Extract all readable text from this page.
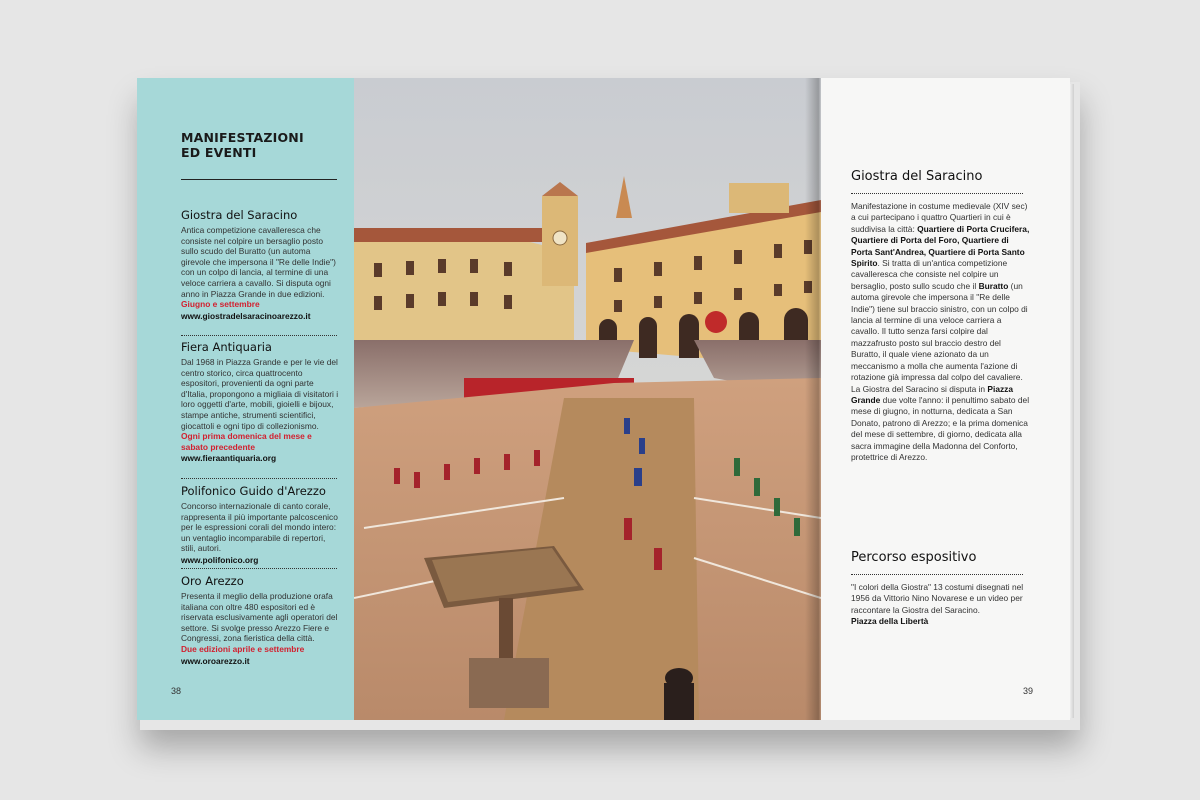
MANIFESTAZIONI
ED EVENTI
Giostra del Saracino

Antica competizione cavalleresca che consiste nel colpire un bersaglio posto sullo scudo del Buratto (un automa girevole che impersona il "Re delle Indie") con un colpo di lancia, al termine di una veloce carriera a cavallo. Si disputa ogni anno in Piazza Grande in due edizioni.

Giugno e settembre
www.giostradelsaracinoarezzo.it
Fiera Antiquaria

Dal 1968 in Piazza Grande e per le vie del centro storico, circa quattrocento espositori, provenienti da ogni parte d'Italia, propongono a migliaia di visitatori i loro oggetti d'arte, mobili, gioielli e bijoux, stampe antiche, strumenti scientifici, giocattoli e ogni tipo di collezionismo.

Ogni prima domenica del mese e sabato precedente
www.fieraantiquaria.org
Polifonico Guido d'Arezzo

Concorso internazionale di canto corale, rappresenta il più importante palcoscenico per le espressioni corali del mondo intero: un ventaglio incomparabile di repertori, stili, autori.

www.polifonico.org
Oro Arezzo

Presenta il meglio della produzione orafa italiana con oltre 480 espositori ed è riservata esclusivamente agli operatori del settore. Si svolge presso Arezzo Fiere e Congressi, zona fieristica della città.

Due edizioni aprile e settembre
www.oroarezzo.it
38
Giostra del Saracino
Manifestazione in costume medievale (XIV sec) a cui partecipano i quattro Quartieri in cui è suddivisa la città: Quartiere di Porta Crucifera, Quartiere di Porta del Foro, Quartiere di Porta Sant'Andrea, Quartiere di Porta Santo Spirito. Si tratta di un'antica competizione cavalleresca che consiste nel colpire un bersaglio, posto sullo scudo che il Buratto (un automa girevole che impersona il "Re delle Indie") tiene sul braccio sinistro, con un colpo di lancia al termine di una veloce carriera a cavallo. Il tutto senza farsi colpire dal mazzafrusto posto sul braccio destro del Buratto, il quale viene azionato da un meccanismo a molla che aumenta l'azione di rotazione già impressa dal colpo del cavaliere. La Giostra del Saracino si disputa in Piazza Grande due volte l'anno: il penultimo sabato del mese di giugno, in notturna, dedicata a San Donato, patrono di Arezzo; e la prima domenica del mese di settembre, di giorno, dedicata alla sacra immagine della Madonna del Conforto, protettrice di Arezzo.
Percorso espositivo
"I colori della Giostra" 13 costumi disegnati nel 1956 da Vittorio Nino Novarese e un video per raccontare la Giostra del Saracino.
Piazza della Libertà
39
